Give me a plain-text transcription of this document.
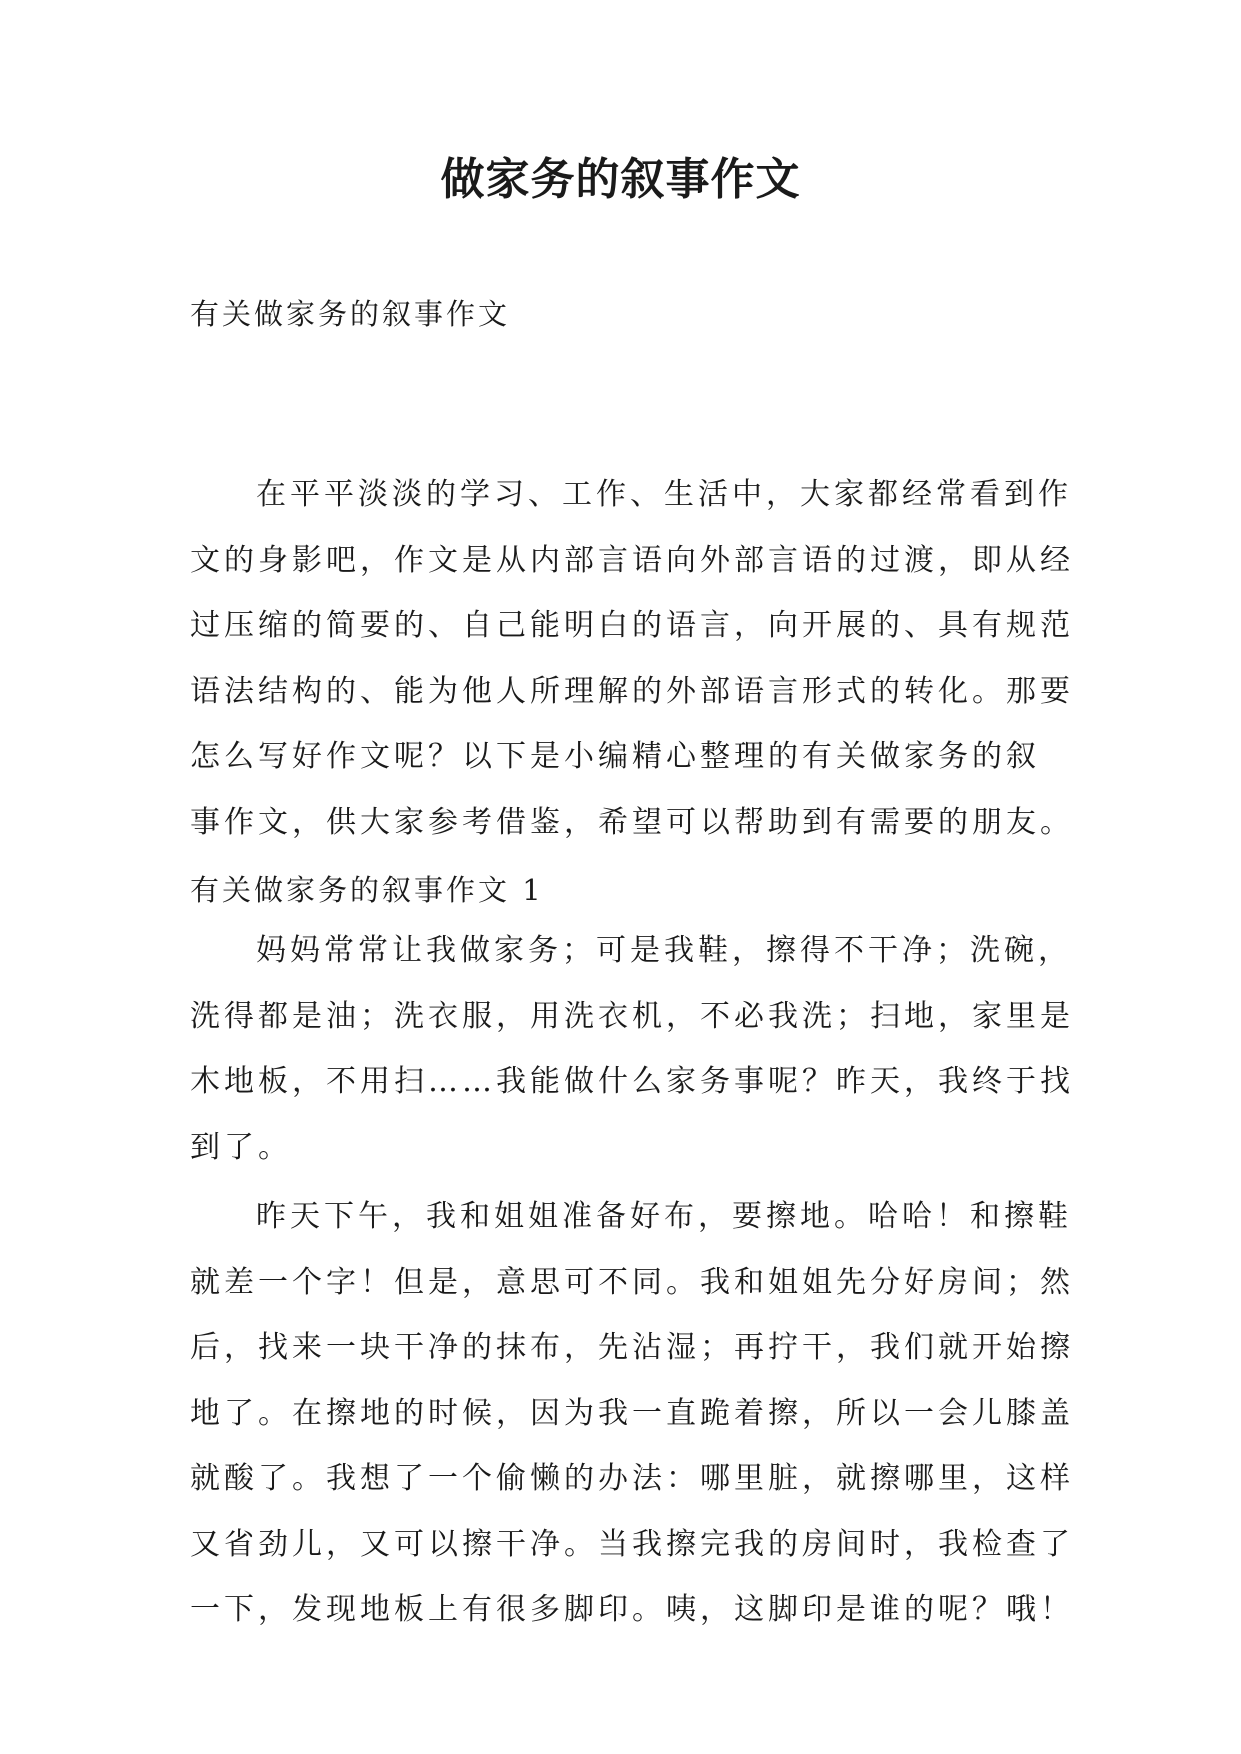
做家务的叙事作文
有关做家务的叙事作文
在平平淡淡的学习、工作、生活中，大家都经常看到作
文的身影吧，作文是从内部言语向外部言语的过渡，即从经
过压缩的简要的、自己能明白的语言，向开展的、具有规范
语法结构的、能为他人所理解的外部语言形式的转化。那要
怎么写好作文呢？以下是小编精心整理的有关做家务的叙
事作文，供大家参考借鉴，希望可以帮助到有需要的朋友。
有关做家务的叙事作文 1
妈妈常常让我做家务；可是我鞋，擦得不干净；洗碗，
洗得都是油；洗衣服，用洗衣机，不必我洗；扫地，家里是
木地板，不用扫……我能做什么家务事呢？昨天，我终于找
到了。
昨天下午，我和姐姐准备好布，要擦地。哈哈！和擦鞋
就差一个字！但是，意思可不同。我和姐姐先分好房间；然
后，找来一块干净的抹布，先沾湿；再拧干，我们就开始擦
地了。在擦地的时候，因为我一直跪着擦，所以一会儿膝盖
就酸了。我想了一个偷懒的办法：哪里脏，就擦哪里，这样
又省劲儿，又可以擦干净。当我擦完我的房间时，我检查了
一下，发现地板上有很多脚印。咦，这脚印是谁的呢？哦！
